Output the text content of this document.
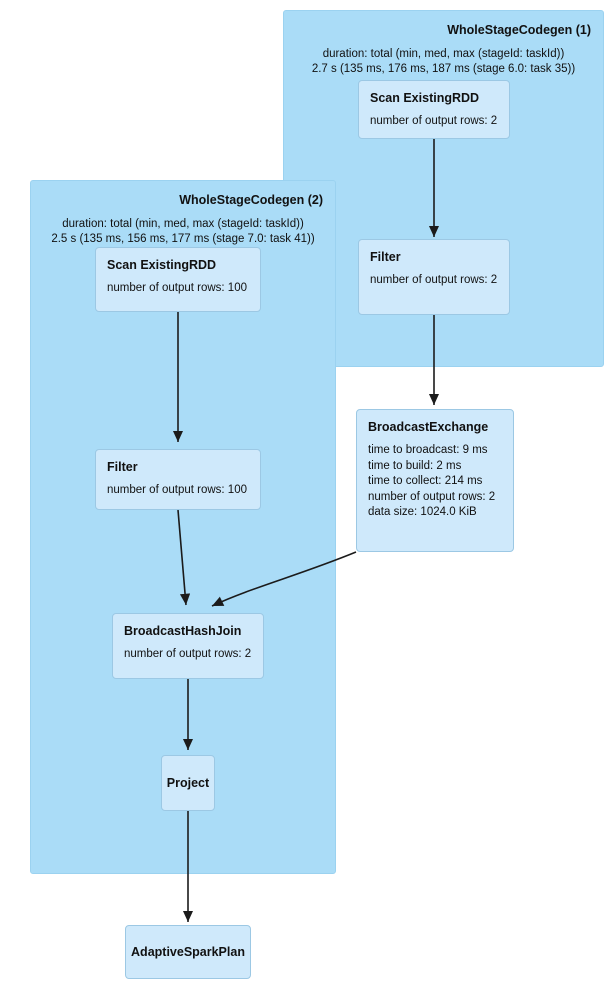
WholeStageCodegen (1)
duration: total (min, med, max (stageId: taskId))
2.7 s (135 ms, 176 ms, 187 ms (stage 6.0: task 35))
WholeStageCodegen (2)
duration: total (min, med, max (stageId: taskId))
2.5 s (135 ms, 156 ms, 177 ms (stage 7.0: task 41))
Scan ExistingRDD
number of output rows: 2
Filter
number of output rows: 2
Scan ExistingRDD
number of output rows: 100
Filter
number of output rows: 100
BroadcastExchange
time to broadcast: 9 ms
time to build: 2 ms
time to collect: 214 ms
number of output rows: 2
data size: 1024.0 KiB
BroadcastHashJoin
number of output rows: 2
Project
AdaptiveSparkPlan
